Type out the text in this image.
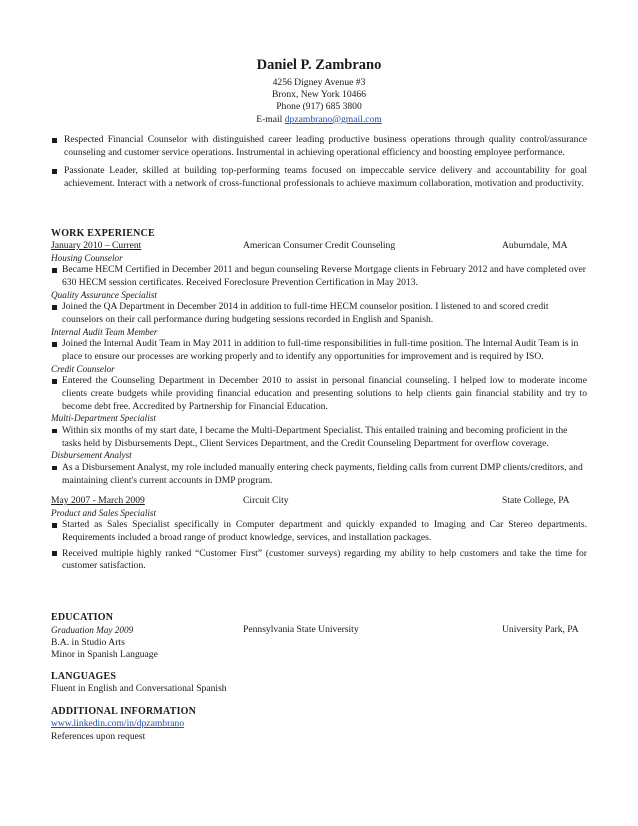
Daniel P. Zambrano
4256 Digney Avenue #3
Bronx, New York 10466
Phone (917) 685 3800
E-mail dpzambrano@gmail.com
Respected Financial Counselor with distinguished career leading productive business operations through quality control/assurance counseling and customer service operations. Instrumental in achieving operational efficiency and boosting employee performance.
Passionate Leader, skilled at building top-performing teams focused on impeccable service delivery and accountability for goal achievement. Interact with a network of cross-functional professionals to achieve maximum collaboration, motivation and productivity.
WORK EXPERIENCE
January 2010 – Current	American Consumer Credit Counseling	Auburndale, MA
Housing Counselor
Became HECM Certified in December 2011 and begun counseling Reverse Mortgage clients in February 2012 and have completed over 630 HECM session certificates. Received Foreclosure Prevention Certification in May 2013.
Quality Assurance Specialist
Joined the QA Department in December 2014 in addition to full-time HECM counselor position. I listened to and scored credit counselors on their call performance during budgeting sessions recorded in English and Spanish.
Internal Audit Team Member
Joined the Internal Audit Team in May 2011 in addition to full-time responsibilities in full-time position. The Internal Audit Team is in place to ensure our processes are working properly and to identify any opportunities for improvement and is required by ISO.
Credit Counselor
Entered the Counseling Department in December 2010 to assist in personal financial counseling. I helped low to moderate income clients create budgets while providing financial education and presenting solutions to help clients gain financial stability and try to become debt free. Accredited by Partnership for Financial Education.
Multi-Department Specialist
Within six months of my start date, I became the Multi-Department Specialist. This entailed training and becoming proficient in the tasks held by Disbursements Dept., Client Services Department, and the Credit Counseling Department for overflow coverage.
Disbursement Analyst
As a Disbursement Analyst, my role included manually entering check payments, fielding calls from current DMP clients/creditors, and maintaining client's current accounts in DMP program.
May 2007 - March 2009	Circuit City	State College, PA
Product and Sales Specialist
Started as Sales Specialist specifically in Computer department and quickly expanded to Imaging and Car Stereo departments. Requirements included a broad range of product knowledge, services, and installation packages.
Received multiple highly ranked “Customer First” (customer surveys) regarding my ability to help customers and take the time for customer satisfaction.
EDUCATION
Graduation May 2009	Pennsylvania State University	University Park, PA
B.A. in Studio Arts
Minor in Spanish Language
LANGUAGES
Fluent in English and Conversational Spanish
ADDITIONAL INFORMATION
www.linkedin.com/in/dpzambrano
References upon request
